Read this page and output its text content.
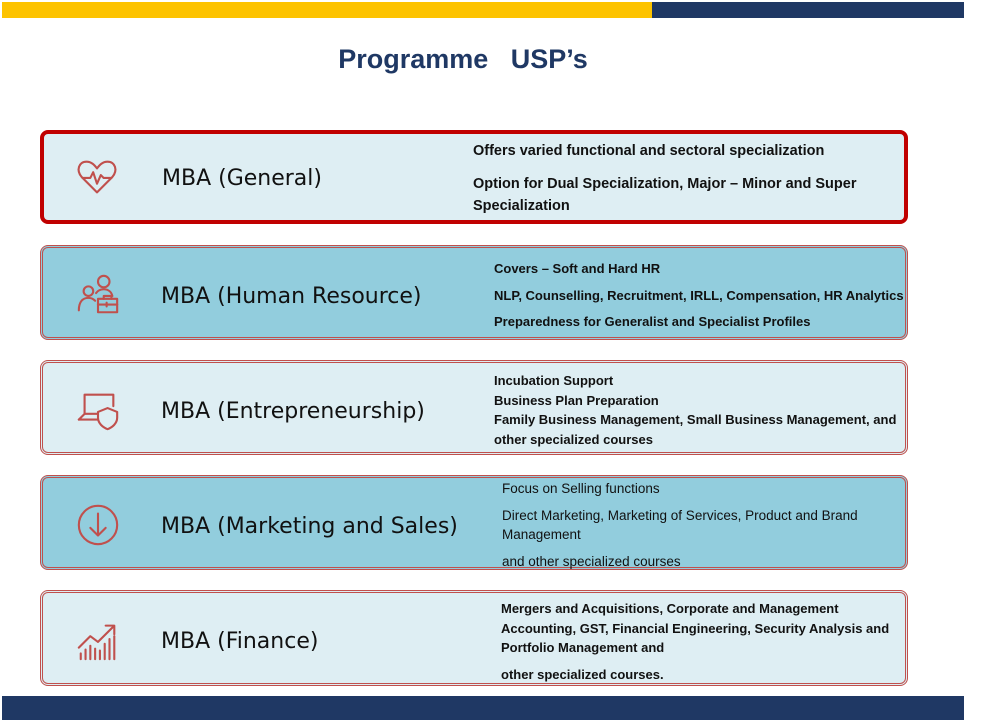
Programme   USP’s
MBA (General)
Offers varied functional and sectoral specialization
Option for Dual Specialization, Major – Minor and Super
Specialization
MBA (Human Resource)
Covers – Soft and Hard HR
NLP, Counselling, Recruitment, IRLL, Compensation, HR Analytics
Preparedness for Generalist and Specialist Profiles
MBA (Entrepreneurship)
Incubation Support
Business Plan Preparation
Family Business Management, Small Business Management, and
other specialized courses
MBA (Marketing and Sales)
Focus on Selling functions
Direct Marketing, Marketing of Services, Product and Brand
Management
and other specialized courses
MBA (Finance)
Mergers and Acquisitions, Corporate and Management
Accounting, GST, Financial Engineering, Security Analysis and
Portfolio Management and
other specialized courses.
